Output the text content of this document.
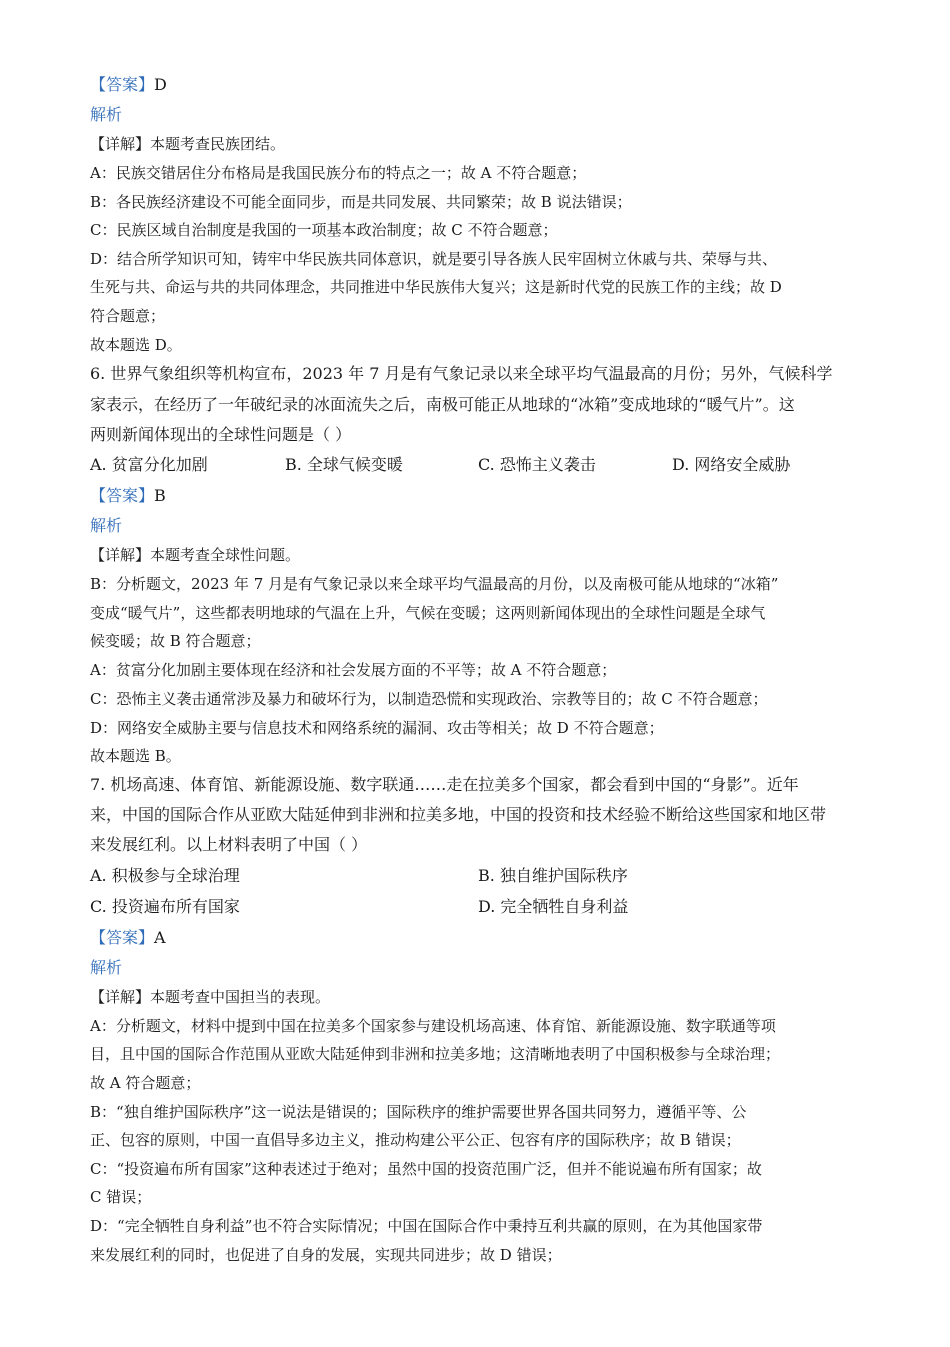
【答案】D
解析
【详解】本题考查民族团结。
A：民族交错居住分布格局是我国民族分布的特点之一；故 A 不符合题意；
B：各民族经济建设不可能全面同步，而是共同发展、共同繁荣；故 B 说法错误；
C：民族区域自治制度是我国的一项基本政治制度；故 C 不符合题意；
D：结合所学知识可知，铸牢中华民族共同体意识，就是要引导各族人民牢固树立休戚与共、荣辱与共、
生死与共、命运与共的共同体理念，共同推进中华民族伟大复兴；这是新时代党的民族工作的主线；故 D
符合题意；
故本题选 D。
6. 世界气象组织等机构宣布，2023 年 7 月是有气象记录以来全球平均气温最高的月份；另外，气候科学
家表示，在经历了一年破纪录的冰面流失之后，南极可能正从地球的“冰箱”变成地球的“暖气片”。这
两则新闻体现出的全球性问题是（ ）
A. 贫富分化加剧	B. 全球气候变暖	C. 恐怖主义袭击	D. 网络安全威胁
【答案】B
解析
【详解】本题考查全球性问题。
B：分析题文，2023 年 7 月是有气象记录以来全球平均气温最高的月份，以及南极可能从地球的“冰箱”
变成“暖气片”，这些都表明地球的气温在上升，气候在变暖；这两则新闻体现出的全球性问题是全球气
候变暖；故 B 符合题意；
A：贫富分化加剧主要体现在经济和社会发展方面的不平等；故 A 不符合题意；
C：恐怖主义袭击通常涉及暴力和破坏行为，以制造恐慌和实现政治、宗教等目的；故 C 不符合题意；
D：网络安全威胁主要与信息技术和网络系统的漏洞、攻击等相关；故 D 不符合题意；
故本题选 B。
7. 机场高速、体育馆、新能源设施、数字联通……走在拉美多个国家，都会看到中国的“身影”。近年
来，中国的国际合作从亚欧大陆延伸到非洲和拉美多地，中国的投资和技术经验不断给这些国家和地区带
来发展红利。以上材料表明了中国（ ）
A. 积极参与全球治理	B. 独自维护国际秩序
C. 投资遍布所有国家	D. 完全牺牲自身利益
【答案】A
解析
【详解】本题考查中国担当的表现。
A：分析题文，材料中提到中国在拉美多个国家参与建设机场高速、体育馆、新能源设施、数字联通等项
目，且中国的国际合作范围从亚欧大陆延伸到非洲和拉美多地；这清晰地表明了中国积极参与全球治理；
故 A 符合题意；
B：“独自维护国际秩序”这一说法是错误的；国际秩序的维护需要世界各国共同努力，遵循平等、公
正、包容的原则，中国一直倡导多边主义，推动构建公平公正、包容有序的国际秩序；故 B 错误；
C：“投资遍布所有国家”这种表述过于绝对；虽然中国的投资范围广泛，但并不能说遍布所有国家；故
C 错误；
D：“完全牺牲自身利益”也不符合实际情况；中国在国际合作中秉持互利共赢的原则，在为其他国家带
来发展红利的同时，也促进了自身的发展，实现共同进步；故 D 错误；
